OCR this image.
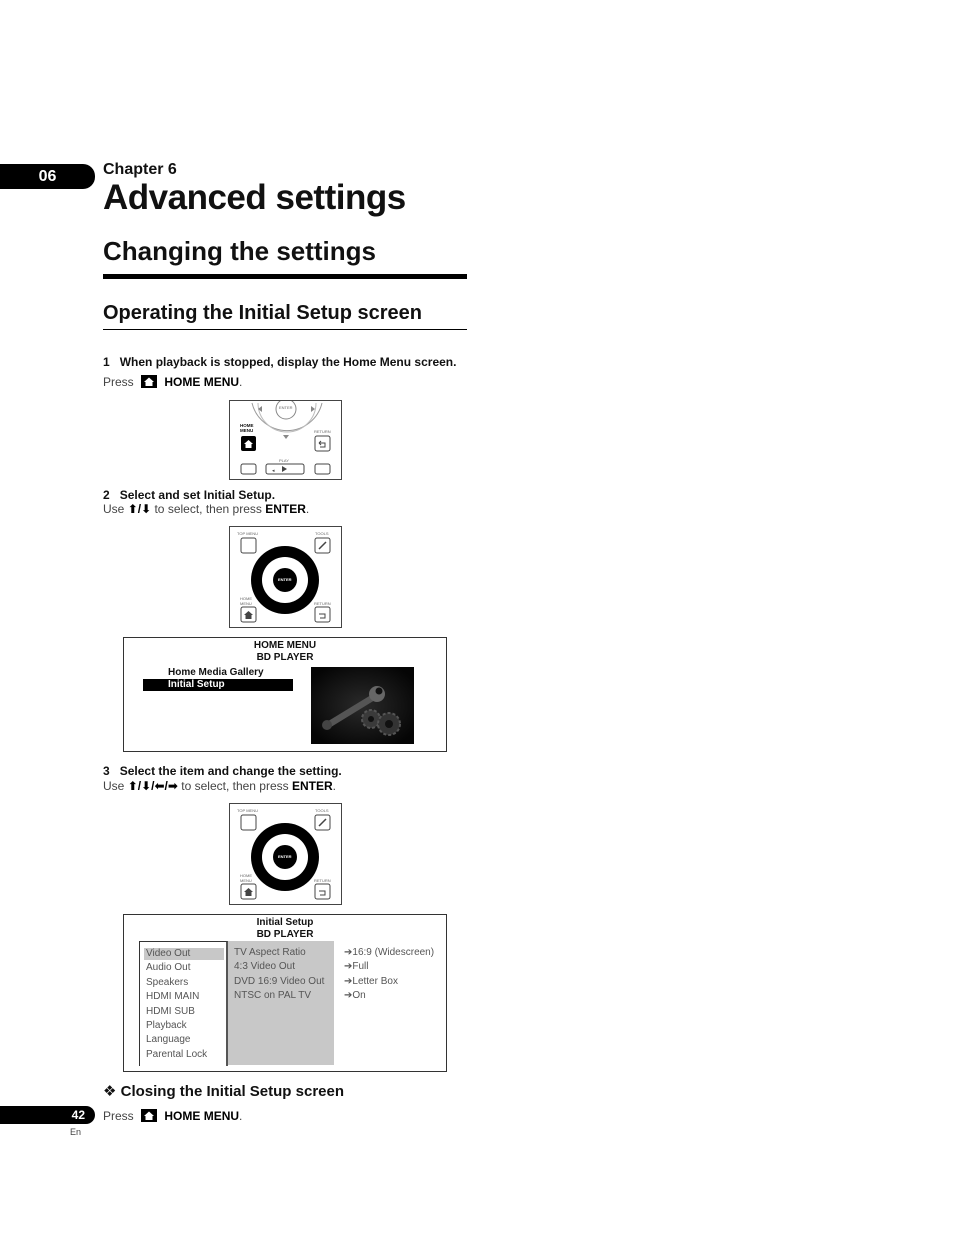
06	Chapter 6
Advanced settings
Changing the settings
Operating the Initial Setup screen
1 When playback is stopped, display the Home Menu screen.
Press	HOME MENU.
◂
ENTER
HOME
MENU	RETURN
PLAY
2 Select and set Initial Setup.
Use ⬆/⬇ to select, then press ENTER.
TOP MENU	TOOLS
ENTER
HOME
MENU	RETURN
HOME MENU
BD PLAYER
Home Media Gallery
Initial Setup
3 Select the item and change the setting.
Use ⬆/⬇/⬅/➡ to select, then press ENTER.
TOP MENU	TOOLS
ENTER
HOME
MENU	RETURN
Initial Setup
BD PLAYER
Video Out
Audio Out
Speakers
HDMI MAIN
HDMI SUB
Playback
Language
Parental Lock
TV Aspect Ratio
4:3 Video Out
DVD 16:9 Video Out
NTSC on PAL TV
➔16:9 (Widescreen)
➔Full
➔Letter Box
➔On
❖ Closing the Initial Setup screen
Press	HOME MENU.
42
En
